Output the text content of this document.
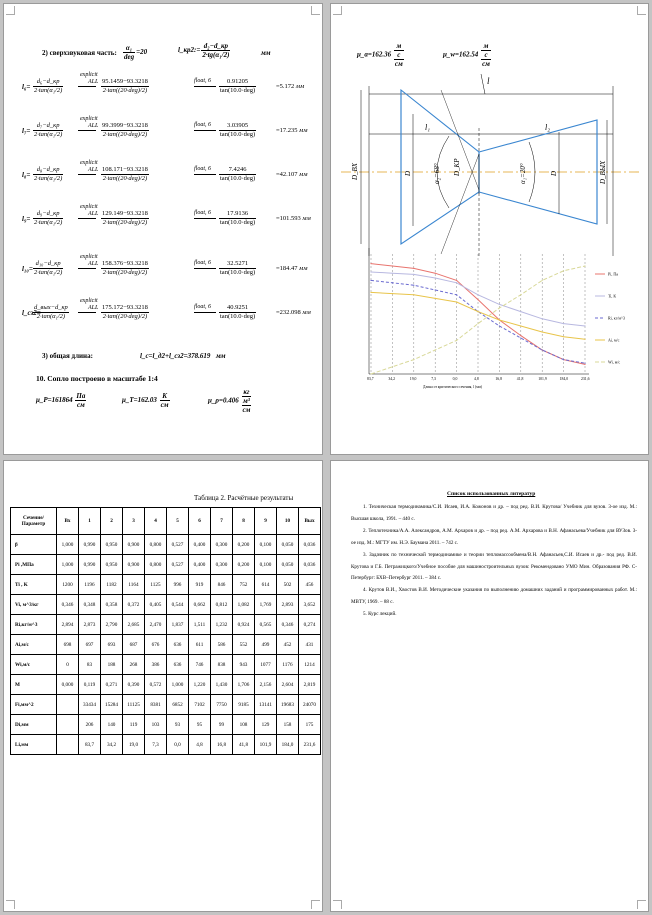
2) сверхзвуковая часть: $\frac{\text{α₁}}{\text{deg}} =20$	l_кр2:= $\frac{\text{d₂−d\_кр}}{\text{2·tg(α₁/2)}}$	мм
l₆=
explicit
ALL
d₆−d_кр
2·tan(α₁/2)
95.1459−93.3218
2·tan((20·deg)/2)
float, 6	0.91205
tan(10.0·deg)
=5.172 мм
l₇=
explicit
ALL
d₇−d_кр
2·tan(α₁/2)
99.3999−93.3218
2·tan((20·deg)/2)
float, 6	3.03905
tan(10.0·deg)
=17.235 мм
l₈=
explicit
ALL
d₈−d_кр
2·tan(α₁/2)
108.171−93.3218
2·tan((20·deg)/2)
float, 6	7.4246
tan(10.0·deg)
=42.107 мм
l₉=
explicit
ALL
d₉−d_кр
2·tan(α₁/2)
129.149−93.3218
2·tan((20·deg)/2)
float, 6	17.9136
tan(10.0·deg)
=101.593 мм
l₁₀=
explicit
ALL
d₁₀−d_кр
2·tan(α₁/2)
158.376−93.3218
2·tan((20·deg)/2)
float, 6	32.5271
tan(10.0·deg)
=184.47 мм
l_сз2=
explicit
ALL
d_вых−d_кр
2·tan(α₁/2)
175.172−93.3218
2·tan((20·deg)/2)
float, 6	40.9251
tan(10.0·deg)
=232.098 мм
3) общая длина:	l_с=l_д2+l_сз2=378.619 мм
10. Сопло построено в масштабе 1:4
μ_P=161864 $\frac{Па}{см}$	μ_T=162.03 $\frac{K}{см}$	μ_ρ=0.406
кг
м³
см
μ_a=162.36
м
с
см
μ_w=162.54
м
с
см
l
l₁	l₂
D_ВХ	D	D_КР
α₂=68°	α₁=20°	D	D_ВЫХ
83,7	34,2	19,0	7,3	0,0	4,8	16,8	41,8	101,9	184,0	231,6
Длина от критического сечения, l (мм)
Pi, Па
Ti, К
Ri, кг/м^3
Ai, м/с
Wi, м/с
Таблица 2. Расчётные результаты
Сечение/ Параметр	Вх	1	2	3	4	5	6	7	8	9	10	Вых
β	1,000	0,990	0,950	0,900	0,800	0,527	0,400	0,300	0,200	0,100	0,050	0,036
Pi ,МПа	1,000	0,990	0,950	0,900	0,800	0,527	0,400	0,300	0,200	0,100	0,050	0,036
Ti , K	1200	1196	1182	1164	1125	996	919	846	752	614	502	456
Vi, м^3/кг	0,346	0,348	0,358	0,372	0,405	0,544	0,662	0,812	1,082	1,769	2,893	3,652
Ri,кг/м^3	2,894	2,873	2,790	2,685	2,470	1,837	1,511	1,232	0,924	0,565	0,346	0,274
Ai,м/с	698	697	693	687	676	636	611	586	552	499	452	431
Wi,м/с	0	83	188	268	386	636	746	838	943	1077	1176	1214
M	0,000	0,119	0,271	0,390	0,572	1,000	1,220	1,430	1,706	2,156	2,604	2,819
Fi,мм^2		33434	15284	11125	8381	6852	7102	7750	9185	13141	19683	24070
Di,мм		206	140	119	103	93	95	99	108	129	158	175
Li,мм		83,7	34,2	19,0	7,3	0,0	4,8	16,8	41,8	101,9	184,0	231,6
Список использованных литератур
1. Техническая термодинамика/С.И. Исаев, И.А. Кожонов и др. – под ред. В.И. Крутова/ Учебник для вузов. 3-ое изд. М.: Высшая школа, 1991. – 440 с.
2. Теплотехника/А.А. Александров, А.М. Архаров и др. – под ред. А.М. Архарова и В.Н. Афанасьева/Учебник для ВУЗов. 3-ое изд. М.: МГТУ им. Н.Э. Баумана 2011. – 742 с.
3. Задачник по технической термодинамике и теории тепломассообмена/В.Н. Афанасьев,С.И. Исаев и др.- под ред. В.И. Крутова и Г.Б. Петражицкого/Учебное пособие для машиностроительных вузов: Рекомендовано УМО Мин. Образования РФ. С-Петербург: БХВ–Петербург 2011. – 384 с.
4. Крутов В.И., Хвостов В.И. Методические указания по выполнению домашних заданий и программированных работ. М.: МВТУ, 1969. – 88 с.
5. Курс лекций.
